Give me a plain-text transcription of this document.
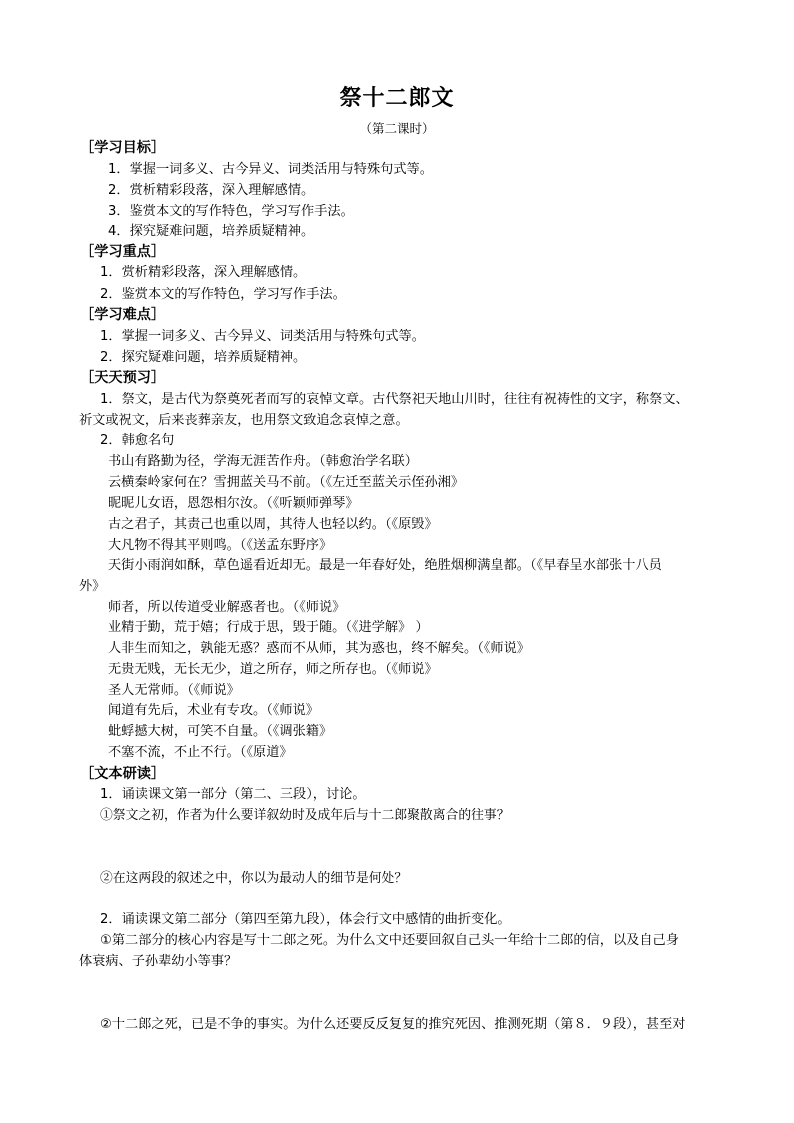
祭十二郎文
（第二课时）
［学习目标］
1．掌握一词多义、古今异义、词类活用与特殊句式等。
2．赏析精彩段落，深入理解感情。
3．鉴赏本文的写作特色，学习写作手法。
4．探究疑难问题，培养质疑精神。
［学习重点］
1．赏析精彩段落，深入理解感情。
2．鉴赏本文的写作特色，学习写作手法。
［学习难点］
1．掌握一词多义、古今异义、词类活用与特殊句式等。
2．探究疑难问题，培养质疑精神。
［天天预习］
1．祭文，是古代为祭奠死者而写的哀悼文章。古代祭祀天地山川时，往往有祝祷性的文字，称祭文、
祈文或祝文，后来丧葬亲友，也用祭文致追念哀悼之意。
2．韩愈名句
书山有路勤为径，学海无涯苦作舟。（韩愈治学名联）
云横秦岭家何在？雪拥蓝关马不前。（《左迁至蓝关示侄孙湘》
昵昵儿女语，恩怨相尔汝。（《听颖师弹琴》
古之君子，其责己也重以周，其待人也轻以约。（《原毁》
大凡物不得其平则鸣。（《送孟东野序》
天街小雨润如酥，草色遥看近却无。最是一年春好处，绝胜烟柳满皇都。（《早春呈水部张十八员
外》
师者，所以传道受业解惑者也。（《师说》
业精于勤，荒于嬉；行成于思，毁于随。（《进学解》 ）
人非生而知之，孰能无惑？惑而不从师，其为惑也，终不解矣。（《师说》
无贵无贱，无长无少，道之所存，师之所存也。（《师说》
圣人无常师。（《师说》
闻道有先后，术业有专攻。（《师说》
蚍蜉撼大树，可笑不自量。（《调张籍》
不塞不流，不止不行。（《原道》
［文本研读］
1．诵读课文第一部分（第二、三段），讨论。
①祭文之初，作者为什么要详叙幼时及成年后与十二郎聚散离合的往事？
②在这两段的叙述之中，你以为最动人的细节是何处？
2．诵读课文第二部分（第四至第九段），体会行文中感情的曲折变化。
①第二部分的核心内容是写十二郎之死。为什么文中还要回叙自己头一年给十二郎的信，以及自己身
体衰病、子孙辈幼小等事？
②十二郎之死，已是不争的事实。为什么还要反反复复的推究死因、推测死期（第８．９段），甚至对
